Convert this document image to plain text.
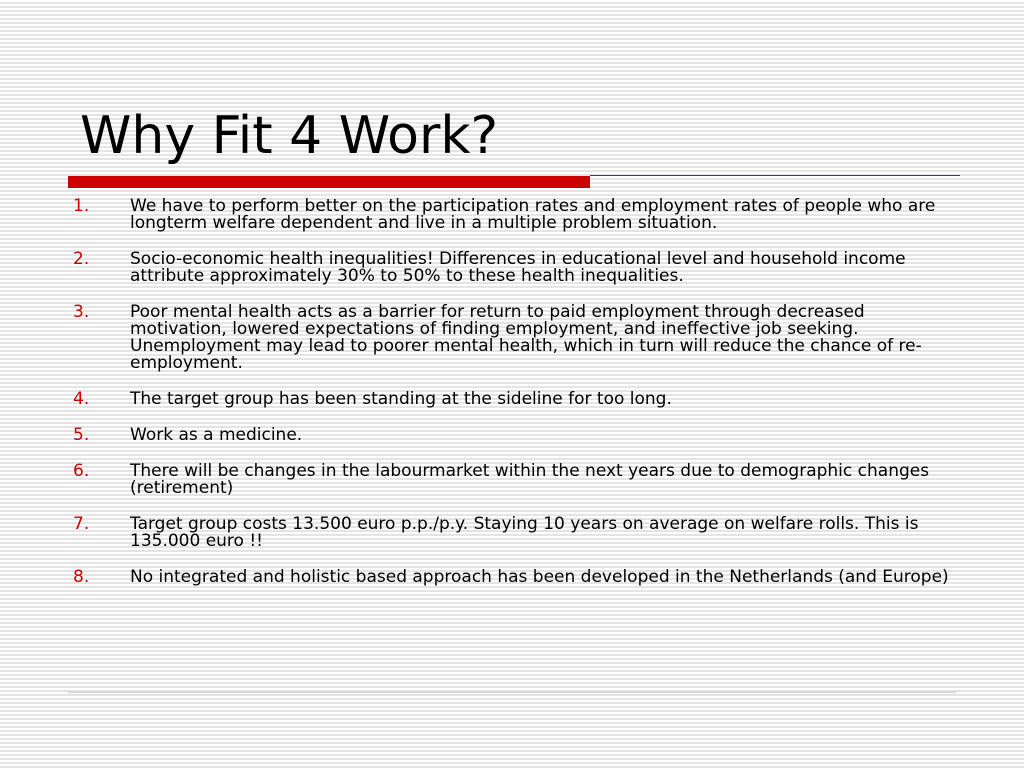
Why Fit 4 Work?
1. We have to perform better on the participation rates and employment rates of people who are longterm welfare dependent and live in a multiple problem situation.
2. Socio-economic health inequalities! Differences in educational level and household income attribute approximately 30% to 50% to these health inequalities.
3. Poor mental health acts as a barrier for return to paid employment through decreased motivation, lowered expectations of finding employment, and ineffective job seeking. Unemployment may lead to poorer mental health, which in turn will reduce the chance of re-employment.
4. The target group has been standing at the sideline for too long.
5. Work as a medicine.
6. There will be changes in the labourmarket within the next years due to demographic changes (retirement)
7. Target group costs 13.500 euro p.p./p.y. Staying 10 years on average on welfare rolls. This is 135.000 euro !!
8. No integrated and holistic based approach has been developed in the Netherlands (and Europe)
